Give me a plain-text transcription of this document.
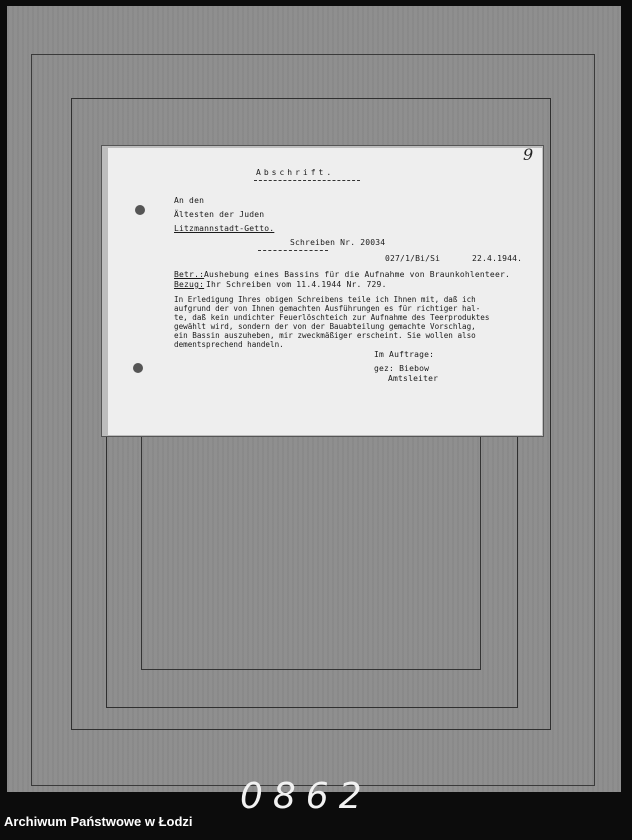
9
Abschrift.
An den
Ältesten der Juden
Litzmannstadt-Getto.
Schreiben Nr. 20034
027/1/Bi/Si	22.4.1944.
Betr.: Aushebung eines Bassins für die Aufnahme von Braunkohlenteer.
Bezug: Ihr Schreiben vom 11.4.1944 Nr. 729.
In Erledigung Ihres obigen Schreibens teile ich Ihnen mit, daß ich
aufgrund der von Ihnen gemachten Ausführungen es für richtiger hal-
te, daß kein undichter Feuerlöschteich zur Aufnahme des Teerproduktes
gewählt wird, sondern der von der Bauabteilung gemachte Vorschlag,
ein Bassin auszuheben, mir zweckmäßiger erscheint. Sie wollen also
dementsprechend handeln.
Im Auftrage:
gez: Biebow
Amtsleiter
0862
Archiwum Państwowe w Łodzi
